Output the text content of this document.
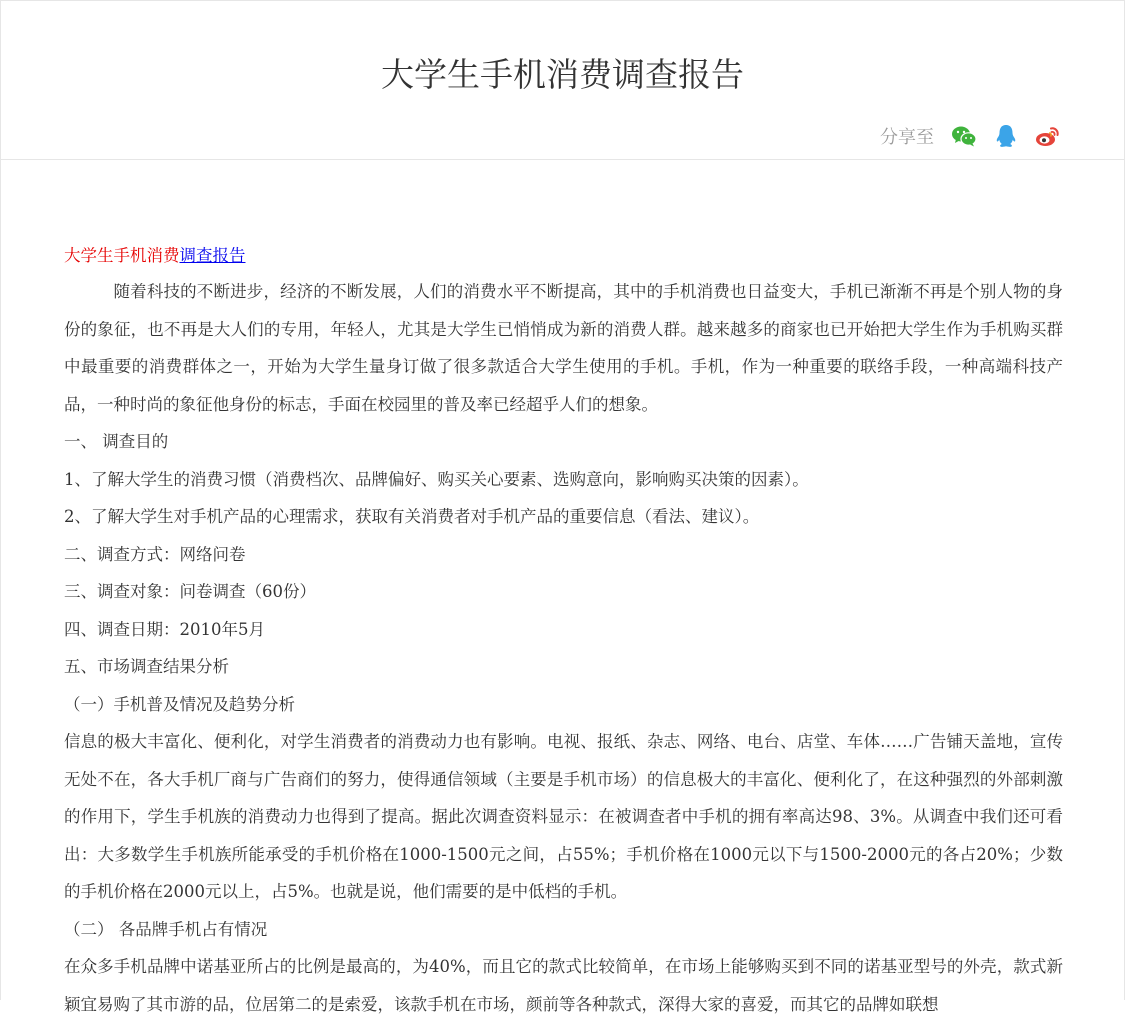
大学生手机消费调查报告
分享至

大学生手机消费调查报告

随着科技的不断进步，经济的不断发展，人们的消费水平不断提高，其中的手机消费也日益变大，手机已渐渐不再是个别人物的身份的象征，也不再是大人们的专用，年轻人，尤其是大学生已悄悄成为新的消费人群。越来越多的商家也已开始把大学生作为手机购买群中最重要的消费群体之一，开始为大学生量身订做了很多款适合大学生使用的手机。手机，作为一种重要的联络手段，一种高端科技产品，一种时尚的象征他身份的标志，手面在校园里的普及率已经超乎人们的想象。

一、 调查目的

1、了解大学生的消费习惯（消费档次、品牌偏好、购买关心要素、选购意向，影响购买决策的因素）。

2、了解大学生对手机产品的心理需求，获取有关消费者对手机产品的重要信息（看法、建议）。

二、调查方式：网络问卷

三、调查对象：问卷调查（60份）

四、调查日期：2010年5月

五、市场调查结果分析

（一）手机普及情况及趋势分析

信息的极大丰富化、便利化，对学生消费者的消费动力也有影响。电视、报纸、杂志、网络、电台、店堂、车体……广告铺天盖地，宣传无处不在，各大手机厂商与广告商们的努力，使得通信领域（主要是手机市场）的信息极大的丰富化、便利化了，在这种强烈的外部刺激的作用下，学生手机族的消费动力也得到了提高。据此次调查资料显示：在被调查者中手机的拥有率高达98、3%。从调查中我们还可看出：大多数学生手机族所能承受的手机价格在1000-1500元之间，占55%；手机价格在1000元以下与1500-2000元的各占20%；少数的手机价格在2000元以上，占5%。也就是说，他们需要的是中低档的手机。

（二） 各品牌手机占有情况

在众多手机品牌中诺基亚所占的比例是最高的，为40%，而且它的款式比较简单，在市场上能够购买到不同的诺基亚型号的外壳，款式新颖宜易购了其市游的品，位居第二的是索爱，该款手机在市场，颜前等各种款式，深得大家的喜爱，而其它的品牌如联想
